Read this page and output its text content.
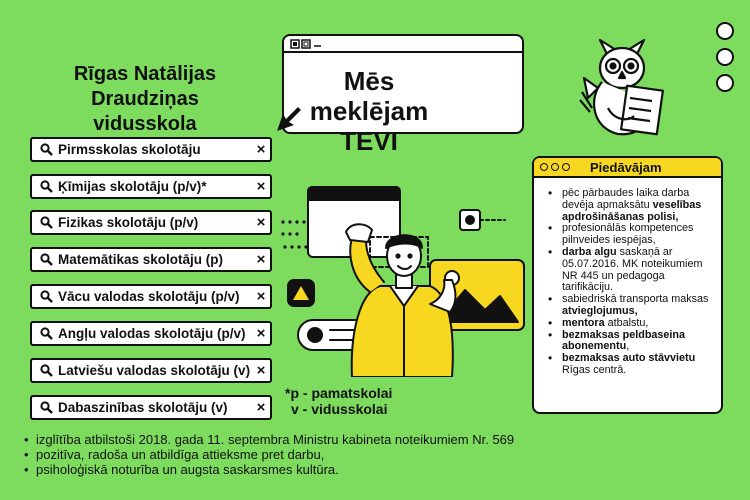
Rīgas Natālijas
Draudziņas
vidusskola
Mēs meklējam
TEVI
Pirmsskolas skolotāju	×
Ķīmijas skolotāju (p/v)*	×
Fizikas skolotāju (p/v)	×
Matemātikas skolotāju (p)	×
Vācu valodas skolotāju (p/v)	×
Angļu valodas skolotāju (p/v) ×
Latviešu valodas skolotāju (v) ×
Dabaszinības skolotāju (v)	×
Piedāvājam
• pēc pārbaudes laika darba devēja apmaksātu veselības apdrošināšanas polisi,
• profesionālās kompetences pilnveides iespējas,
• darba algu saskaņā ar 05.07.2016. MK noteikumiem NR 445 un pedagoga tarifikāciju.
• sabiedriskā transporta maksas atvieglojumus,
• mentora atbalstu,
• bezmaksas peldbaseina abonementu,
• bezmaksas auto stāvvietu Rīgas centrā.
*p - pamatskolai
v - vidusskolai
• izglītība atbilstoši 2018. gada 11. septembra Ministru kabineta noteikumiem Nr. 569
• pozitīva, radoša un atbildīga attieksme pret darbu,
• psiholoģiskā noturība un augsta saskarsmes kultūra.
